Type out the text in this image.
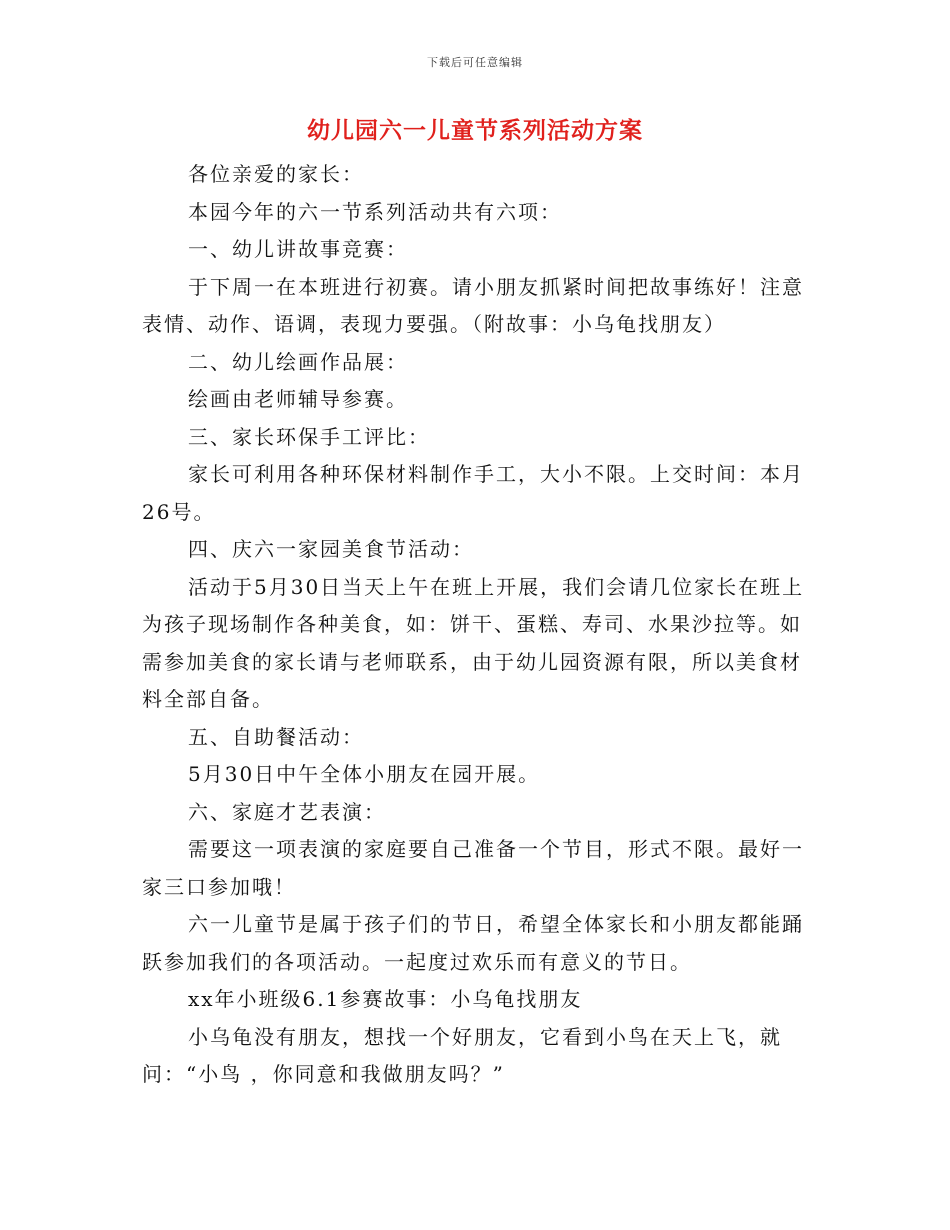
下载后可任意编辑
幼儿园六一儿童节系列活动方案

各位亲爱的家长：

本园今年的六一节系列活动共有六项：

一、幼儿讲故事竞赛：

于下周一在本班进行初赛。请小朋友抓紧时间把故事练好！注意表情、动作、语调，表现力要强。（附故事：小乌龟找朋友）

二、幼儿绘画作品展：

绘画由老师辅导参赛。

三、家长环保手工评比：

家长可利用各种环保材料制作手工，大小不限。上交时间：本月26号。

四、庆六一家园美食节活动：

活动于5月30日当天上午在班上开展，我们会请几位家长在班上为孩子现场制作各种美食，如：饼干、蛋糕、寿司、水果沙拉等。如需参加美食的家长请与老师联系，由于幼儿园资源有限，所以美食材料全部自备。

五、自助餐活动：

5月30日中午全体小朋友在园开展。

六、家庭才艺表演：

需要这一项表演的家庭要自己准备一个节目，形式不限。最好一家三口参加哦！

六一儿童节是属于孩子们的节日，希望全体家长和小朋友都能踊跃参加我们的各项活动。一起度过欢乐而有意义的节日。

xx年小班级6.1参赛故事：小乌龟找朋友

小乌龟没有朋友，想找一个好朋友，它看到小鸟在天上飞，就问：“小鸟 ，你同意和我做朋友吗？”
